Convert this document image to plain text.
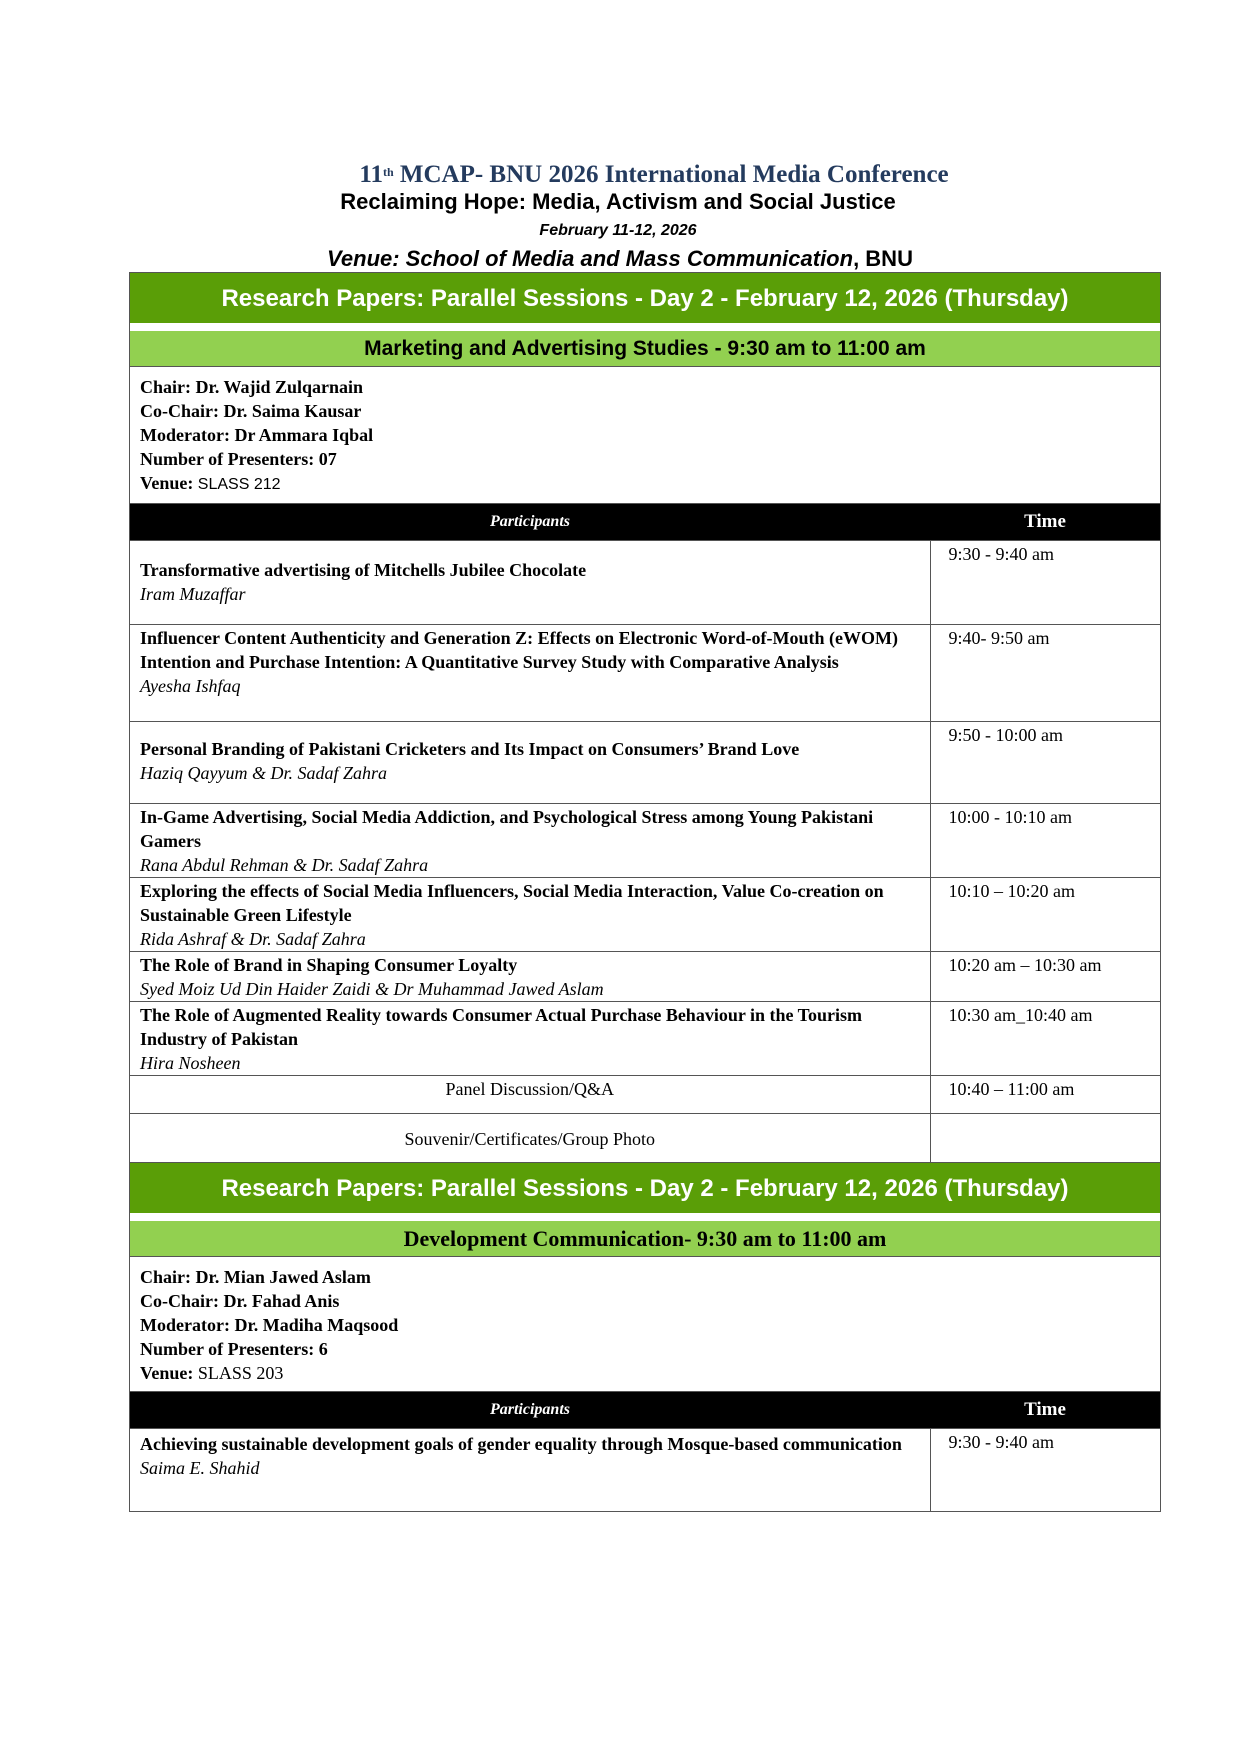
11th MCAP- BNU 2026 International Media Conference
Reclaiming Hope: Media, Activism and Social Justice
February 11-12, 2026
Venue: School of Media and Mass Communication, BNU
Research Papers: Parallel Sessions - Day 2 - February 12, 2026 (Thursday)
Marketing and Advertising Studies - 9:30 am to 11:00 am
Chair: Dr. Wajid Zulqarnain
Co-Chair: Dr. Saima Kausar
Moderator: Dr Ammara Iqbal
Number of Presenters: 07
Venue: SLASS 212
Participants	Time

Transformative advertising of Mitchells Jubilee Chocolate
Iram Muzaffar	9:30 - 9:40 am

Influencer Content Authenticity and Generation Z: Effects on Electronic Word-of-Mouth (eWOM) Intention and Purchase Intention: A Quantitative Survey Study with Comparative Analysis
Ayesha Ishfaq	9:40- 9:50 am

Personal Branding of Pakistani Cricketers and Its Impact on Consumers’ Brand Love
Haziq Qayyum & Dr. Sadaf Zahra	9:50 - 10:00 am

In-Game Advertising, Social Media Addiction, and Psychological Stress among Young Pakistani Gamers
Rana Abdul Rehman & Dr. Sadaf Zahra	10:00 - 10:10 am

Exploring the effects of Social Media Influencers, Social Media Interaction, Value Co-creation on Sustainable Green Lifestyle
Rida Ashraf & Dr. Sadaf Zahra	10:10 – 10:20 am

The Role of Brand in Shaping Consumer Loyalty
Syed Moiz Ud Din Haider Zaidi & Dr Muhammad Jawed Aslam	10:20 am – 10:30 am

The Role of Augmented Reality towards Consumer Actual Purchase Behaviour in the Tourism Industry of Pakistan
Hira Nosheen	10:30 am_10:40 am
Panel Discussion/Q&A	10:40 – 11:00 am
Souvenir/Certificates/Group Photo	
Research Papers: Parallel Sessions - Day 2 - February 12, 2026 (Thursday)
Development Communication- 9:30 am to 11:00 am
Chair: Dr. Mian Jawed Aslam
Co-Chair: Dr. Fahad Anis
Moderator: Dr. Madiha Maqsood
Number of Presenters: 6
Venue: SLASS 203
Participants	Time

Achieving sustainable development goals of gender equality through Mosque-based communication
Saima E. Shahid	9:30 - 9:40 am
